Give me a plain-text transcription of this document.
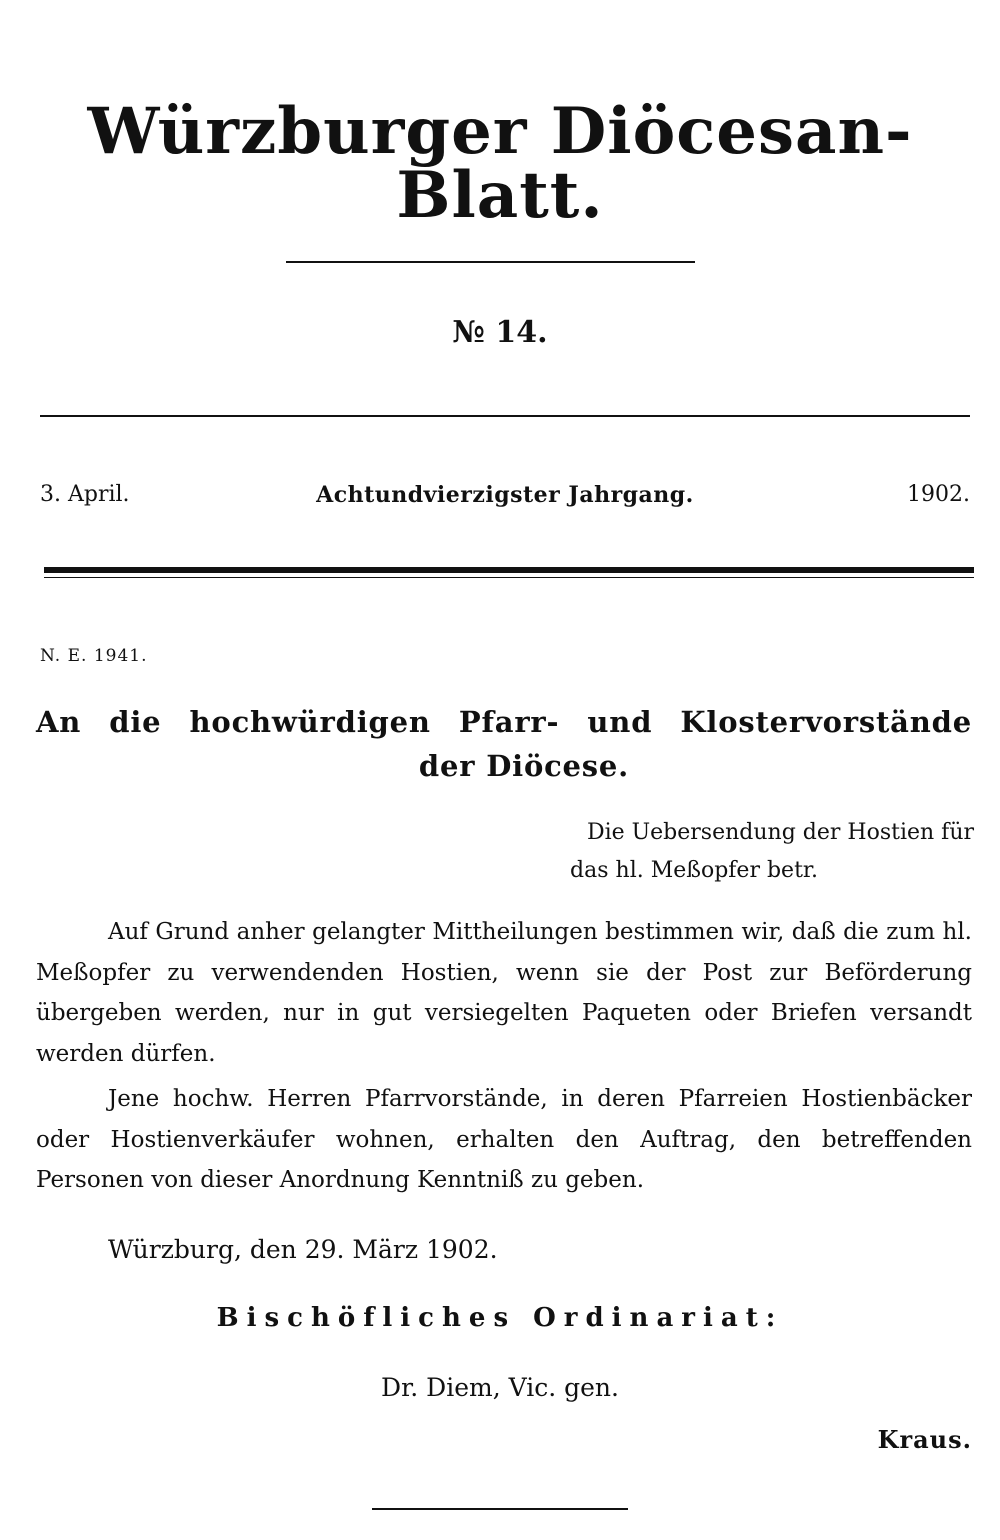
Würzburger Diöcesan-Blatt.
№ 14.
3. April.	Achtundvierzigster Jahrgang.	1902.
N. E. 1941.
An die hochwürdigen Pfarr- und Klostervorstände
der Diöcese.
Die Uebersendung der Hostien für
das hl. Meßopfer betr.

Auf Grund anher gelangter Mittheilungen bestimmen wir, daß die zum hl. Meßopfer zu verwendenden Hostien, wenn sie der Post zur Beförderung übergeben werden, nur in gut versiegelten Paqueten oder Briefen versandt werden dürfen.

Jene hochw. Herren Pfarrvorstände, in deren Pfarreien Hostienbäcker oder Hostienverkäufer wohnen, erhalten den Auftrag, den betreffenden Personen von dieser Anordnung Kenntniß zu geben.

Würzburg, den 29. März 1902.
Bischöfliches Ordinariat:
Dr. Diem, Vic. gen.
Kraus.
